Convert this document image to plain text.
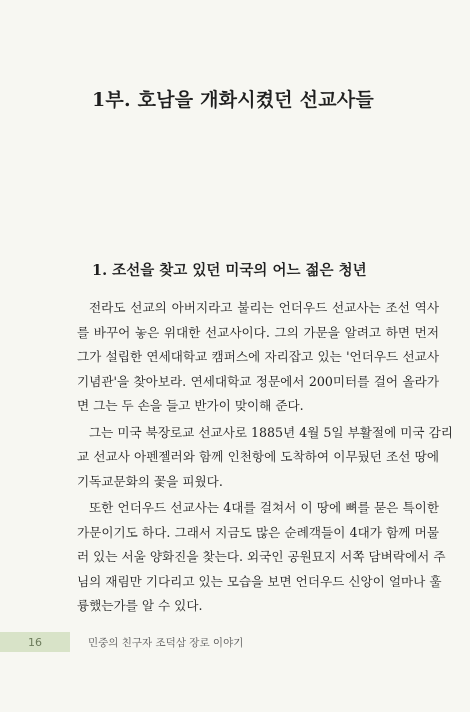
1부. 호남을 개화시켰던 선교사들
1. 조선을 찾고 있던 미국의 어느 젊은 청년

전라도 선교의 아버지라고 불리는 언더우드 선교사는 조선 역사
를 바꾸어 놓은 위대한 선교사이다. 그의 가문을 알려고 하면 먼저
그가 설립한 연세대학교 캠퍼스에 자리잡고 있는 '언더우드 선교사
기념관'을 찾아보라. 연세대학교 정문에서 200미터를 걸어 올라가
면 그는 두 손을 들고 반가이 맞이해 준다.

그는 미국 북장로교 선교사로 1885년 4월 5일 부활절에 미국 감리
교 선교사 아펜젤러와 함께 인천항에 도착하여 이무뒀던 조선 땅에
기독교문화의 꽃을 피웠다.

또한 언더우드 선교사는 4대를 걸쳐서 이 땅에 뼈를 묻은 특이한
가문이기도 하다. 그래서 지금도 많은 순례객들이 4대가 함께 머물
러 있는 서울 양화진을 찾는다. 외국인 공원묘지 서쪽 담벼락에서 주
님의 재림만 기다리고 있는 모습을 보면 언더우드 신앙이 얼마나 훌
륭했는가를 알 수 있다.

16	민중의 친구자 조덕삼 장로 이야기
